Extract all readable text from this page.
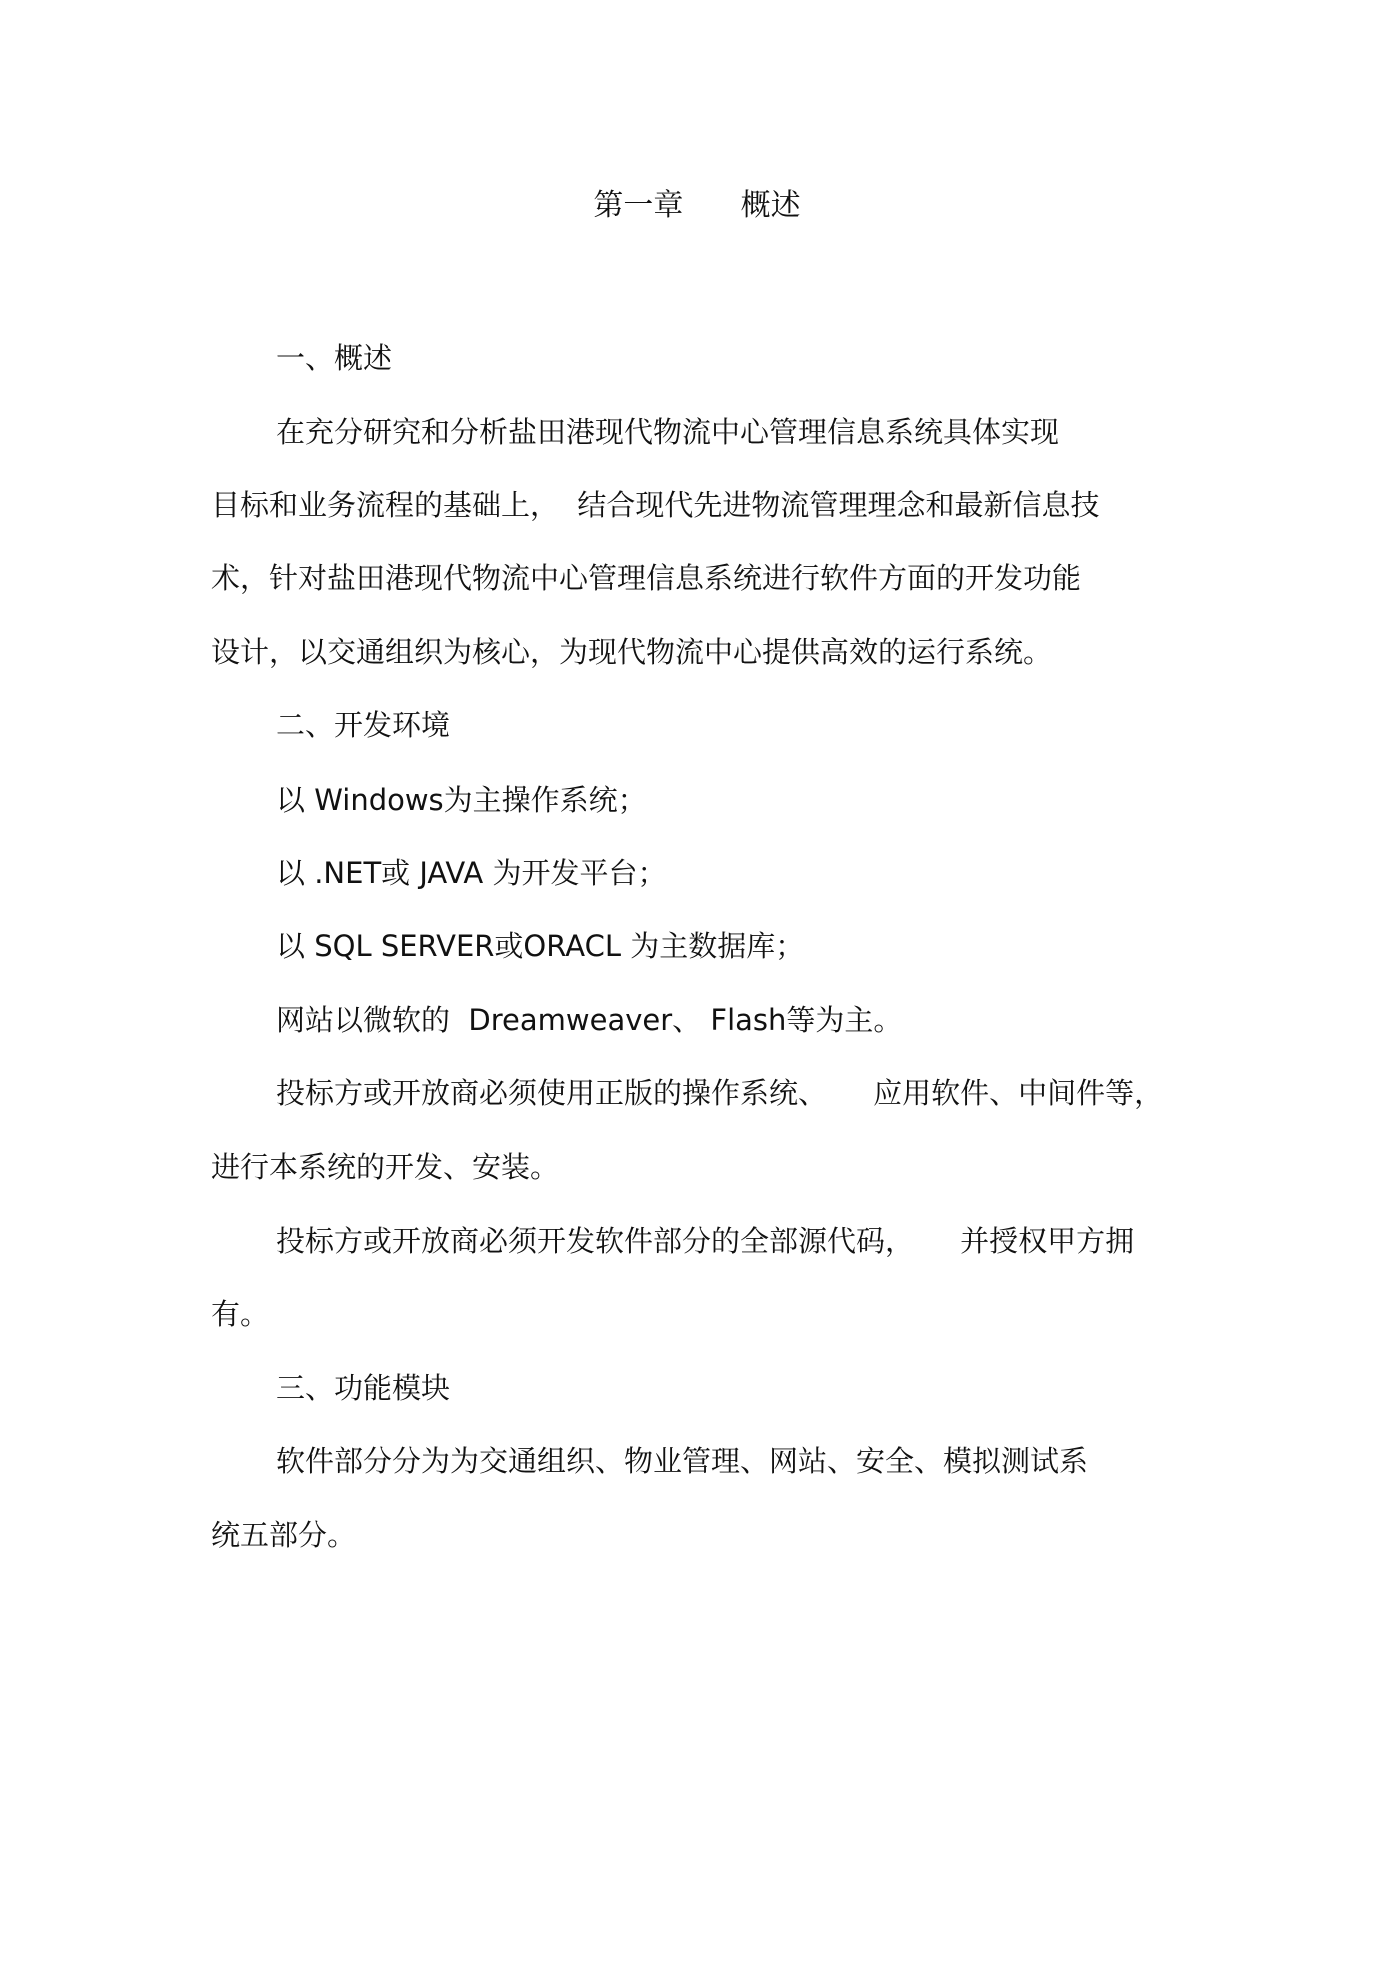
第一章      概述
一、概述
在充分研究和分析盐田港现代物流中心管理信息系统具体实现
目标和业务流程的基础上，  结合现代先进物流管理理念和最新信息技
术，针对盐田港现代物流中心管理信息系统进行软件方面的开发功能
设计，以交通组织为核心，为现代物流中心提供高效的运行系统。
二、开发环境
以 Windows为主操作系统；
以 .NET或 JAVA 为开发平台；
以 SQL SERVER或ORACL 为主数据库；
网站以微软的  Dreamweaver、 Flash等为主。
投标方或开放商必须使用正版的操作系统、     应用软件、中间件等，
进行本系统的开发、安装。
投标方或开放商必须开发软件部分的全部源代码，     并授权甲方拥
有。
三、功能模块
软件部分分为为交通组织、物业管理、网站、安全、模拟测试系
统五部分。
